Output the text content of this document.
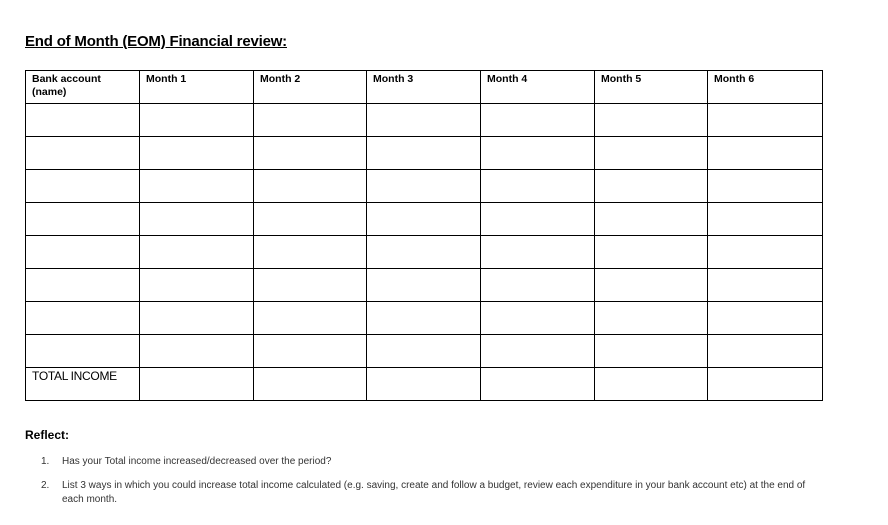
End of Month (EOM) Financial review:
Bank account (name)	Month 1	Month 2	Month 3	Month 4	Month 5	Month 6

TOTAL INCOME						

Reflect:

1. Has your Total income increased/decreased over the period?
2. List 3 ways in which you could increase total income calculated (e.g. saving, create and follow a budget, review each expenditure in your bank account etc) at the end of each month.
